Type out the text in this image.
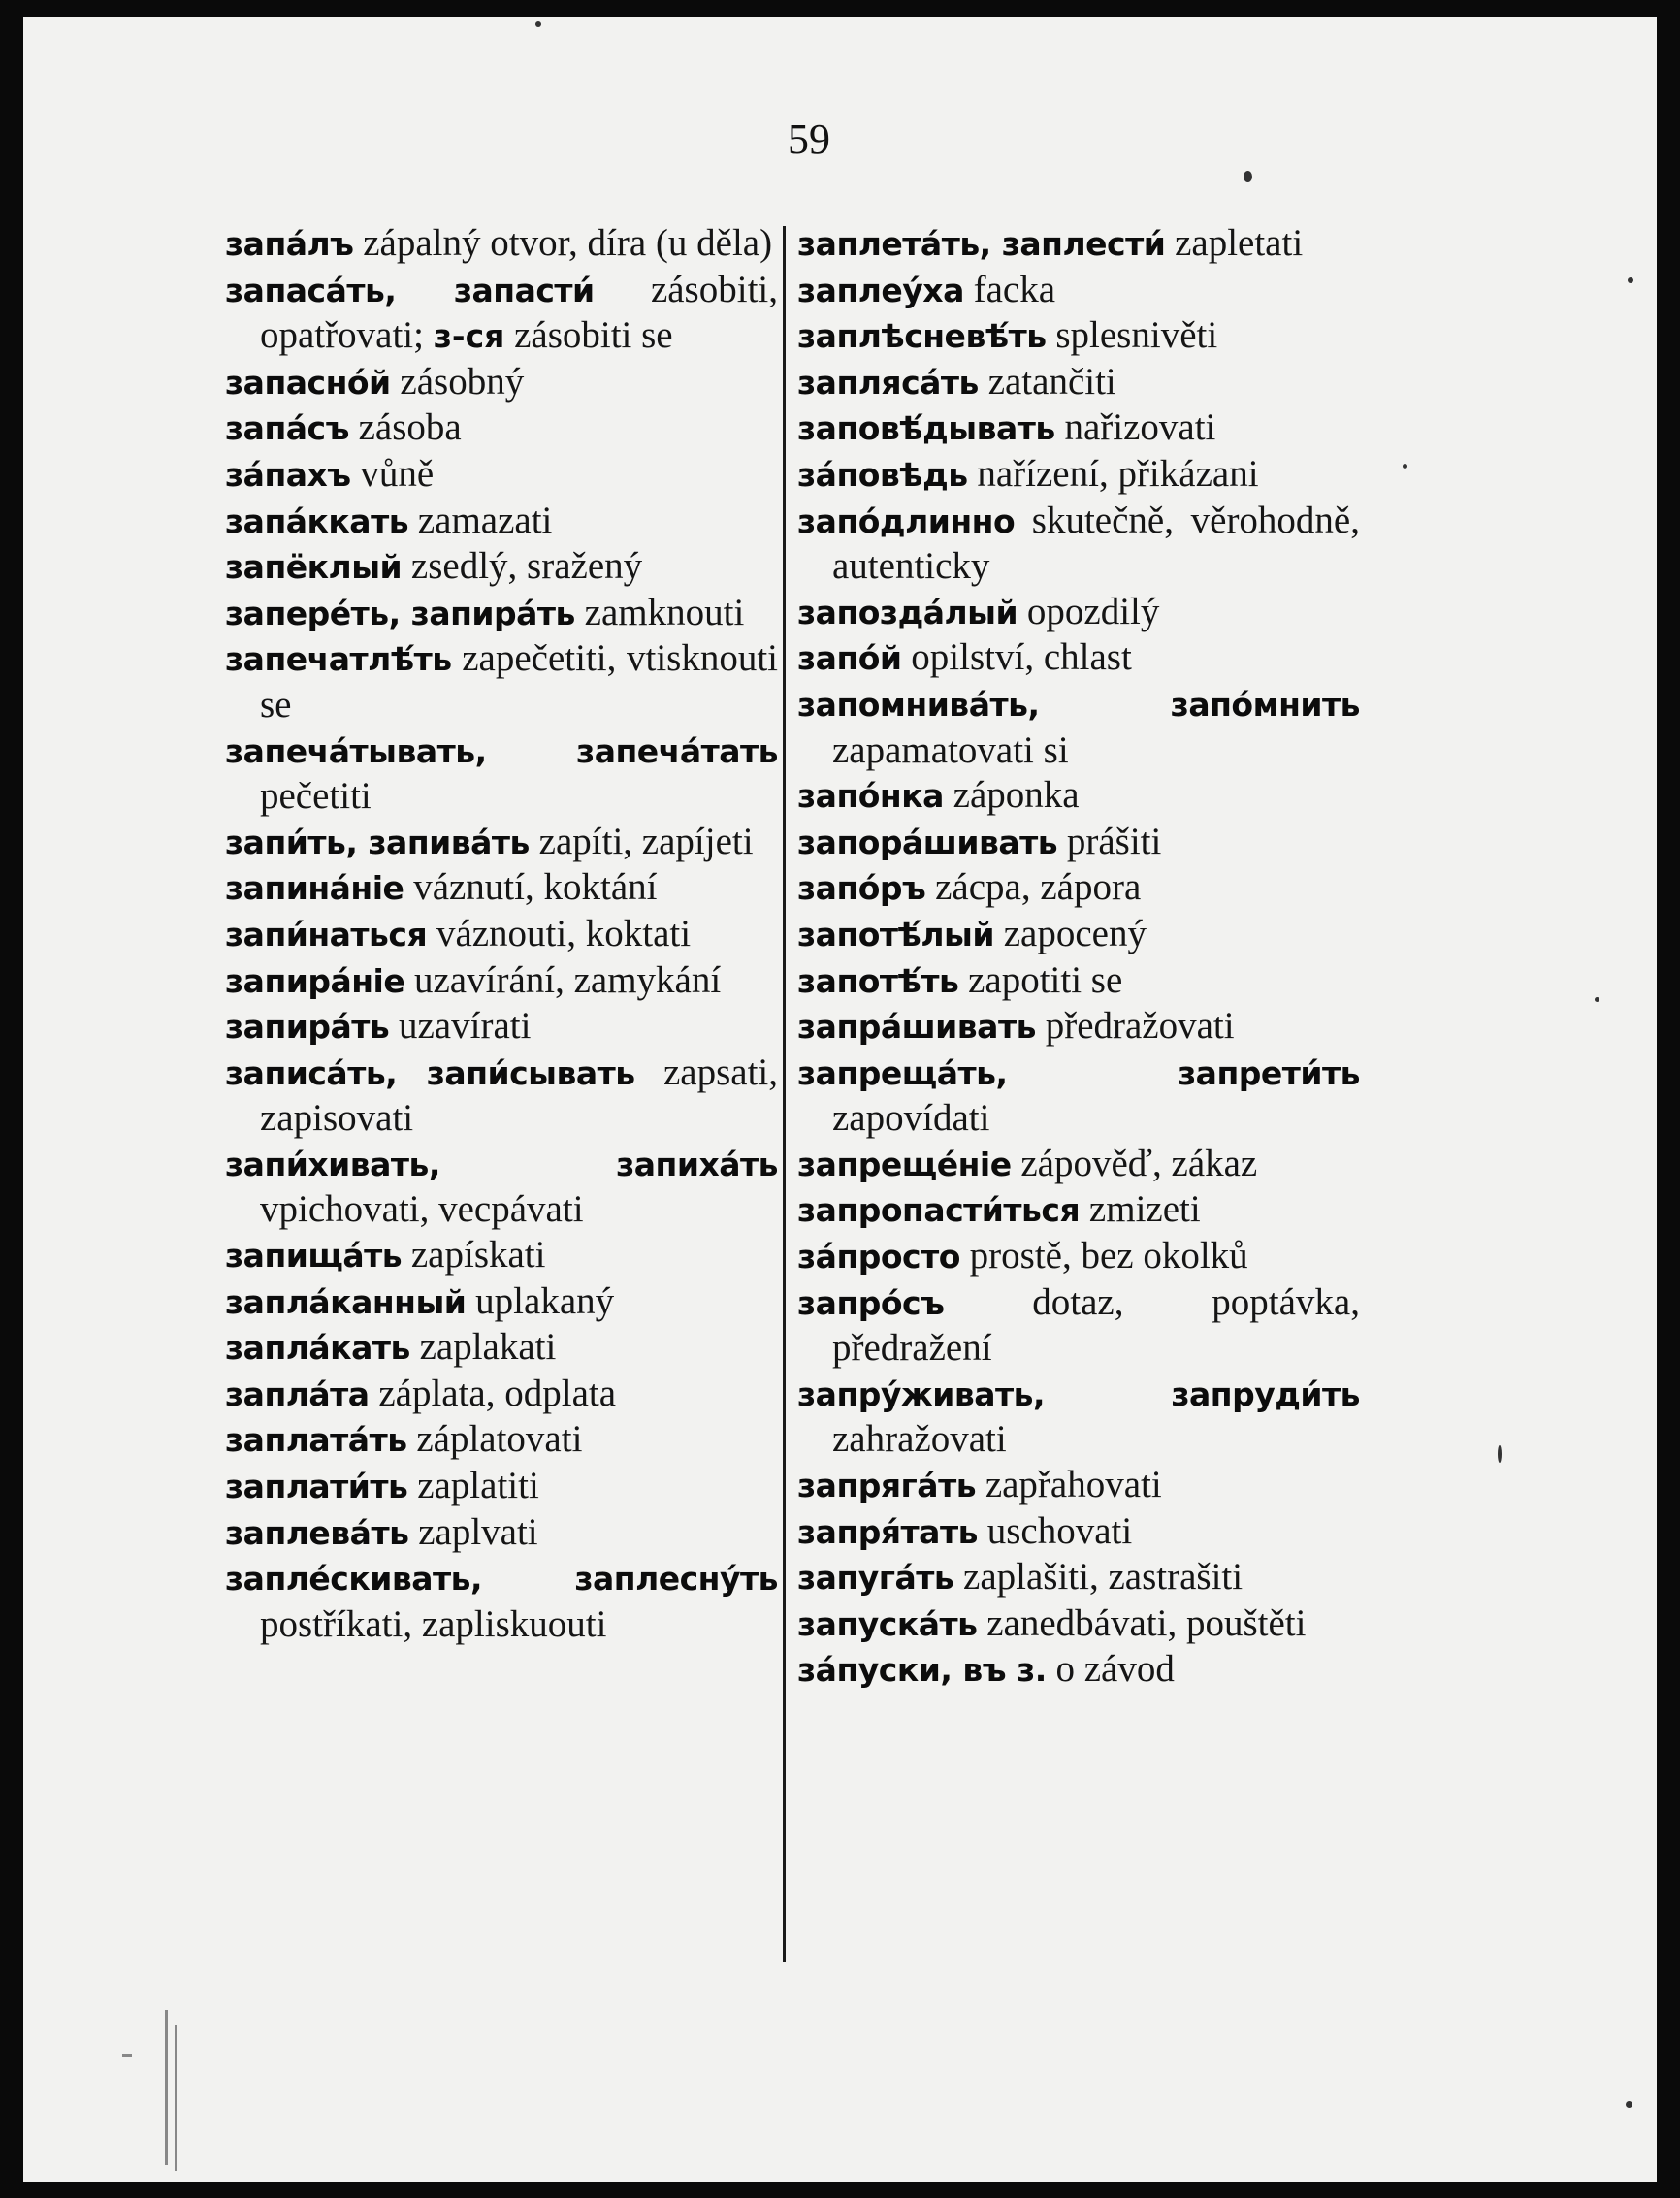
59

запа́лъ zápalný otvor, díra (u děla)

запаса́ть, запасти́ zásobiti, opatřovati; з-ся zásobiti se

запасно́й zásobný

запа́съ zásoba

за́пахъ vůně

запа́ккать zamazati

запёклый zsedlý, sražený

запере́ть, запира́ть zamknouti

запечатлѣ́ть zapečetiti, vtisknouti se

запеча́тывать, запеча́тать pečetiti

запи́ть, запива́ть zapíti, zapíjeti

запина́ніе váznutí, koktání

запи́наться váznouti, koktati

запира́ніе uzavírání, zamykání

запира́ть uzavírati

записа́ть, запи́сывать zapsati, zapisovati

запи́хивать, запиха́ть vpichovati, vecpávati

запища́ть zapískati

запла́канный uplakaný

запла́кать zaplakati

запла́та záplata, odplata

заплата́ть záplatovati

заплати́ть zaplatiti

заплева́ть zaplvati

запле́скивать, заплесну́ть postříkati, zapliskuouti

заплета́ть, заплести́ zapletati

заплеу́ха facka

заплѣсневѣ́ть splesnivěti

запляса́ть zatančiti

заповѣ́дывать nařizovati

за́повѣдь nařízení, přikázani

запо́длинно skutečně, věrohodně, autenticky

запозда́лый opozdilý

запо́й opilství, chlast

запомнива́ть, запо́мнить zapamatovati si

запо́нка záponka

запора́шивать prášiti

запо́ръ zácpa, zápora

запотѣ́лый zapocený

запотѣ́ть zapotiti se

запра́шивать předražovati

запреща́ть, запрети́ть zapovídati

запреще́ніе zápověď, zákaz

запропасти́ться zmizeti

за́просто prostě, bez okolků

запро́съ dotaz, poptávka, předražení

запру́живать, запруди́ть zahražovati

запряга́ть zapřahovati

запря́тать uschovati

запуга́ть zaplašiti, zastrašiti

запуска́ть zanedbávati, pouštěti

за́пуски, въ з. o závod
